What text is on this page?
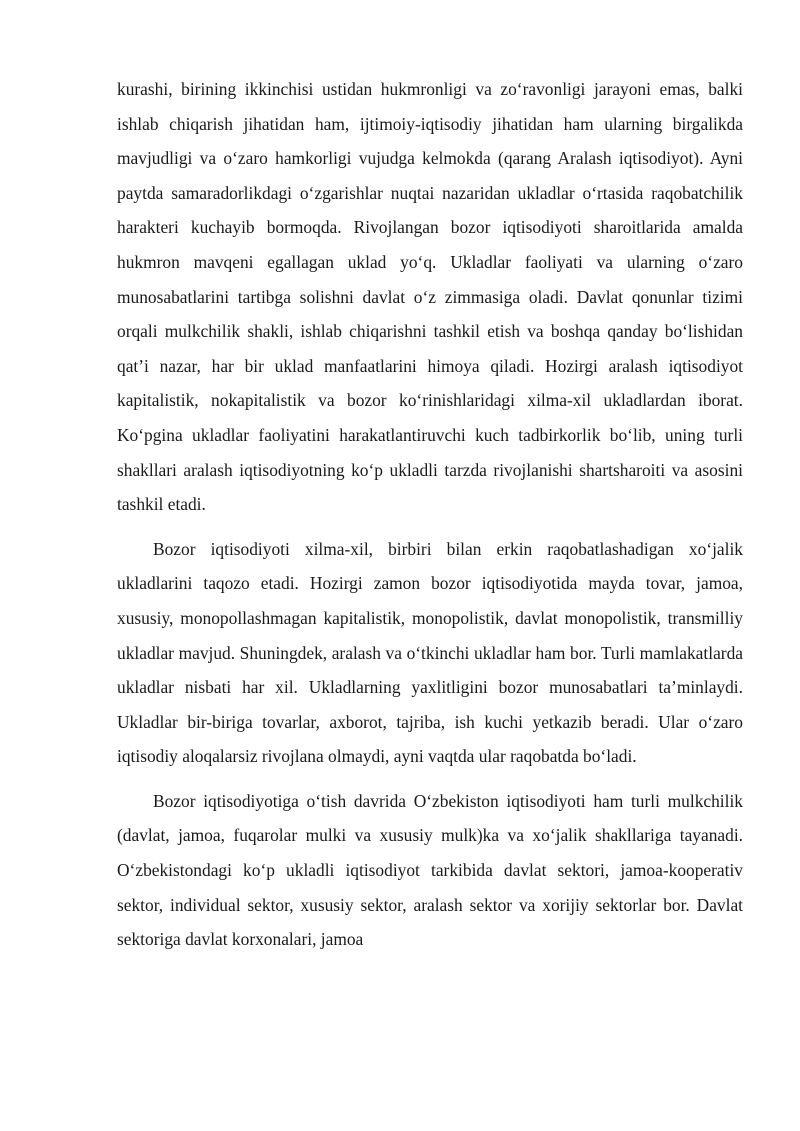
kurashi, birining ikkinchisi ustidan hukmronligi va zo‘ravonligi jarayoni emas, balki ishlab chiqarish jihatidan ham, ijtimoiy-iqtisodiy jihatidan ham ularning birgalikda mavjudligi va o‘zaro hamkorligi vujudga kelmokda (qarang Aralash iqtisodiyot). Ayni paytda samaradorlikdagi o‘zgarishlar nuqtai nazaridan ukladlar o‘rtasida raqobatchilik harakteri kuchayib bormoqda. Rivojlangan bozor iqtisodiyoti sharoitlarida amalda hukmron mavqeni egallagan uklad yo‘q. Ukladlar faoliyati va ularning o‘zaro munosabatlarini tartibga solishni davlat o‘z zimmasiga oladi. Davlat qonunlar tizimi orqali mulkchilik shakli, ishlab chiqarishni tashkil etish va boshqa qanday bo‘lishidan qat’i nazar, har bir uklad manfaatlarini himoya qiladi. Hozirgi aralash iqtisodiyot kapitalistik, nokapitalistik va bozor ko‘rinishlaridagi xilma-xil ukladlardan iborat. Ko‘pgina ukladlar faoliyatini harakatlantiruvchi kuch tadbirkorlik bo‘lib, uning turli shakllari aralash iqtisodiyotning ko‘p ukladli tarzda rivojlanishi shartsharoiti va asosini tashkil etadi.

Bozor iqtisodiyoti xilma-xil, birbiri bilan erkin raqobatlashadigan xo‘jalik ukladlarini taqozo etadi. Hozirgi zamon bozor iqtisodiyotida mayda tovar, jamoa, xususiy, monopollashmagan kapitalistik, monopolistik, davlat monopolistik, transmilliy ukladlar mavjud. Shuningdek, aralash va o‘tkinchi ukladlar ham bor. Turli mamlakatlarda ukladlar nisbati har xil. Ukladlarning yaxlitligini bozor munosabatlari ta’minlaydi. Ukladlar bir-biriga tovarlar, axborot, tajriba, ish kuchi yetkazib beradi. Ular o‘zaro iqtisodiy aloqalarsiz rivojlana olmaydi, ayni vaqtda ular raqobatda bo‘ladi.

Bozor iqtisodiyotiga o‘tish davrida O‘zbekiston iqtisodiyoti ham turli mulkchilik (davlat, jamoa, fuqarolar mulki va xususiy mulk)ka va xo‘jalik shakllariga tayanadi. O‘zbekistondagi ko‘p ukladli iqtisodiyot tarkibida davlat sektori, jamoa-kooperativ sektor, individual sektor, xususiy sektor, aralash sektor va xorijiy sektorlar bor. Davlat sektoriga davlat korxonalari, jamoa
